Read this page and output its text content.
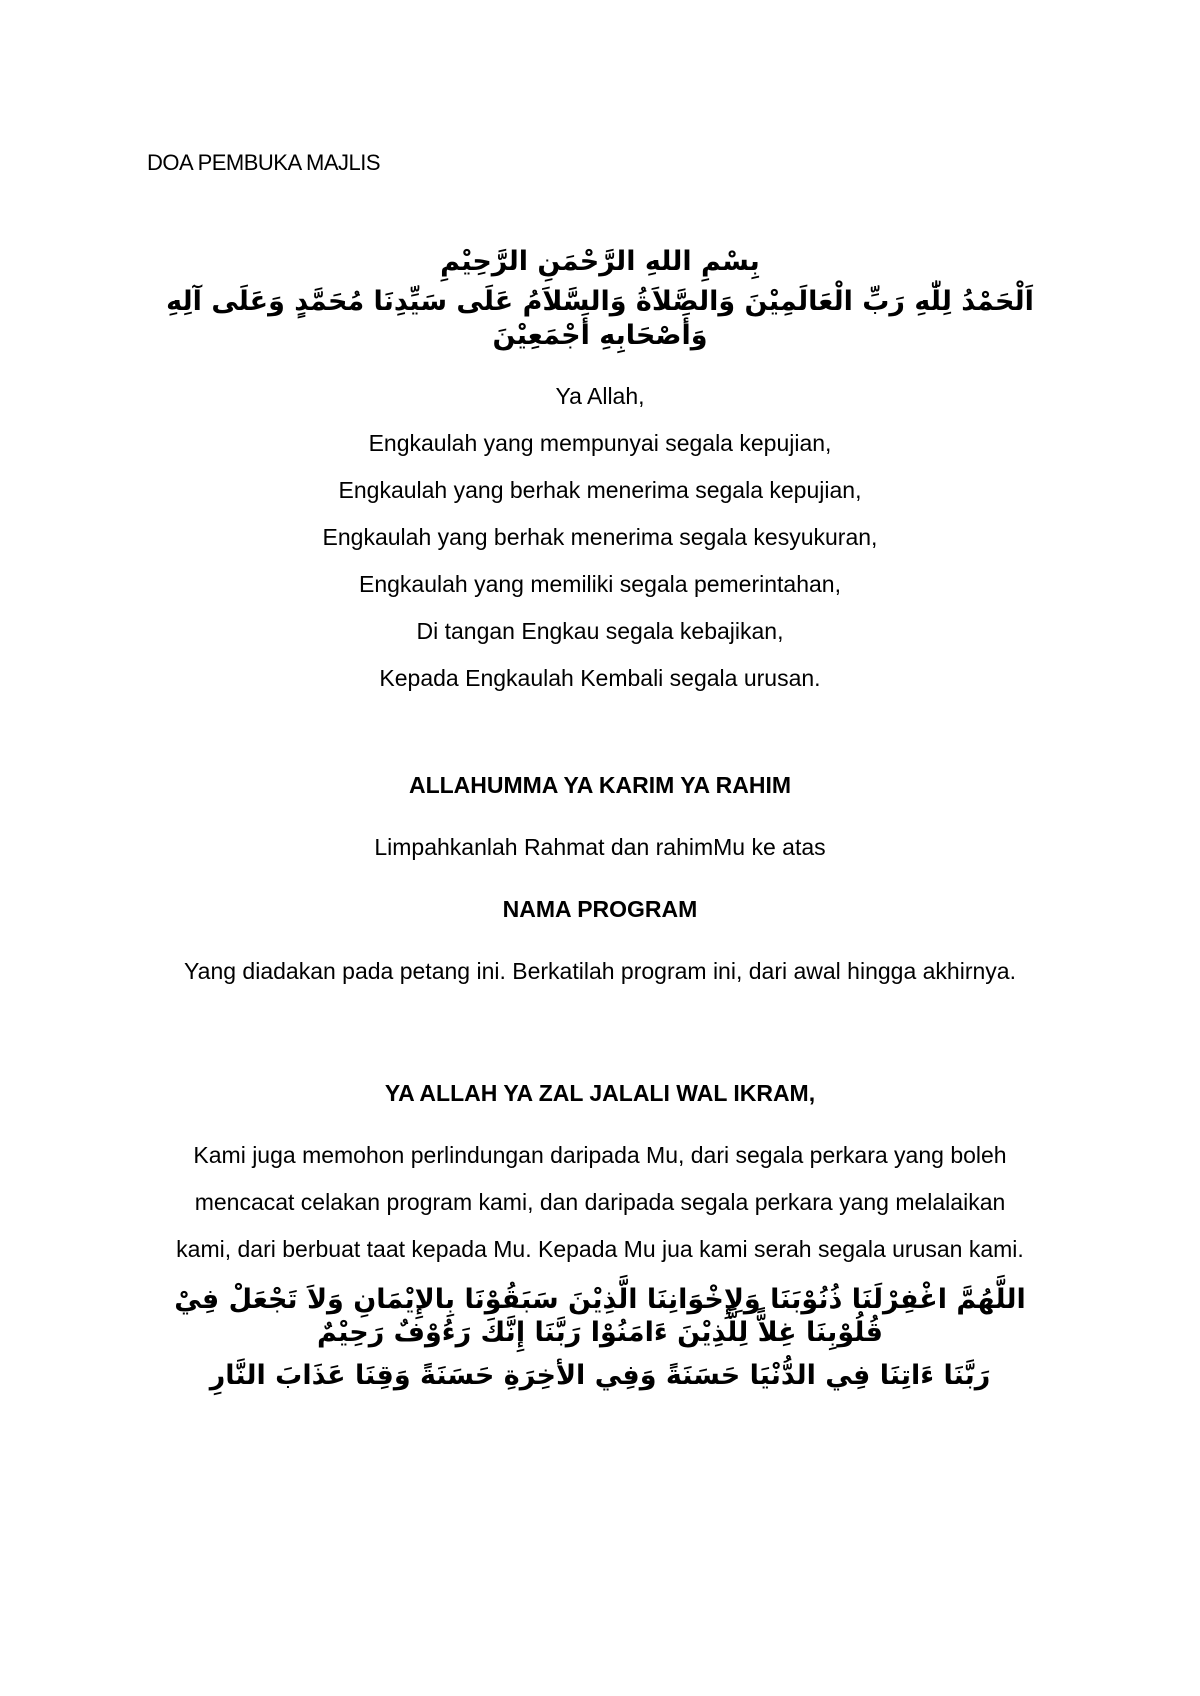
DOA PEMBUKA MAJLIS

بِسْمِ اللهِ الرَّحْمَنِ الرَّحِيْمِ

اَلْحَمْدُ لِلّٰهِ رَبِّ الْعَالَمِيْنَ وَالصَّلاَةُ وَالسَّلاَمُ عَلَى سَيِّدِنَا مُحَمَّدٍ وَعَلَى آلِهِ وَأَصْحَابِهِ أَجْمَعِيْنَ

Ya Allah,

Engkaulah yang mempunyai segala kepujian,

Engkaulah yang berhak menerima segala kepujian,

Engkaulah yang berhak menerima segala kesyukuran,

Engkaulah yang memiliki segala pemerintahan,

Di tangan Engkau segala kebajikan,

Kepada Engkaulah Kembali segala urusan.

ALLAHUMMA YA KARIM YA RAHIM

Limpahkanlah Rahmat dan rahimMu ke atas

NAMA PROGRAM

Yang diadakan pada petang ini. Berkatilah program ini, dari awal hingga akhirnya.

YA ALLAH YA ZAL JALALI WAL IKRAM,

Kami juga memohon perlindungan daripada Mu, dari segala perkara yang boleh mencacat celakan program kami, dan daripada segala perkara yang melalaikan kami, dari berbuat taat kepada Mu. Kepada Mu jua kami serah segala urusan kami.

اللَّهُمَّ اغْفِرْلَنَا ذُنُوْبَنَا وَلِإِخْوَانِنَا الَّذِيْنَ سَبَقُوْنَا بِالإِيْمَانِ وَلاَ تَجْعَلْ فِيْ قُلُوْبِنَا غِلاًّ لِلَّذِيْنَ ءَامَنُوْا رَبَّنَا إِنَّكَ رَءُوْفٌ رَحِيْمٌ

رَبَّنَا ءَاتِنَا فِي الدُّنْيَا حَسَنَةً وَفِي الأخِرَةِ حَسَنَةً وَقِنَا عَذَابَ النَّارِ
